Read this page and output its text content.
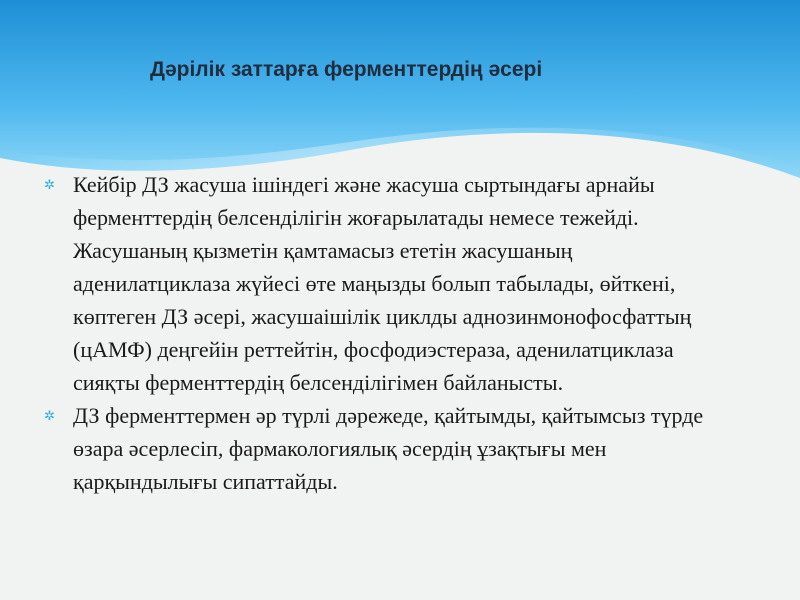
Дәрілік заттарға ферменттердің әсері
✲ Кейбір ДЗ жасуша ішіндегі және жасуша сыртындағы арнайы ферменттердің белсенділігін жоғарылатады немесе тежейді. Жасушаның қызметін қамтамасыз ететін жасушаның аденилатциклаза жүйесі өте маңызды болып табылады, өйткені, көптеген ДЗ әсері, жасушаішілік циклды аднозинмонофосфаттың (цАМФ) деңгейін реттейтін, фосфодиэстераза, аденилатциклаза сияқты ферменттердің белсенділігімен байланысты.
✲ ДЗ ферменттермен әр түрлі дәрежеде, қайтымды, қайтымсыз түрде өзара әсерлесіп, фармакологиялық әсердің ұзақтығы мен қарқындылығы сипаттайды.
